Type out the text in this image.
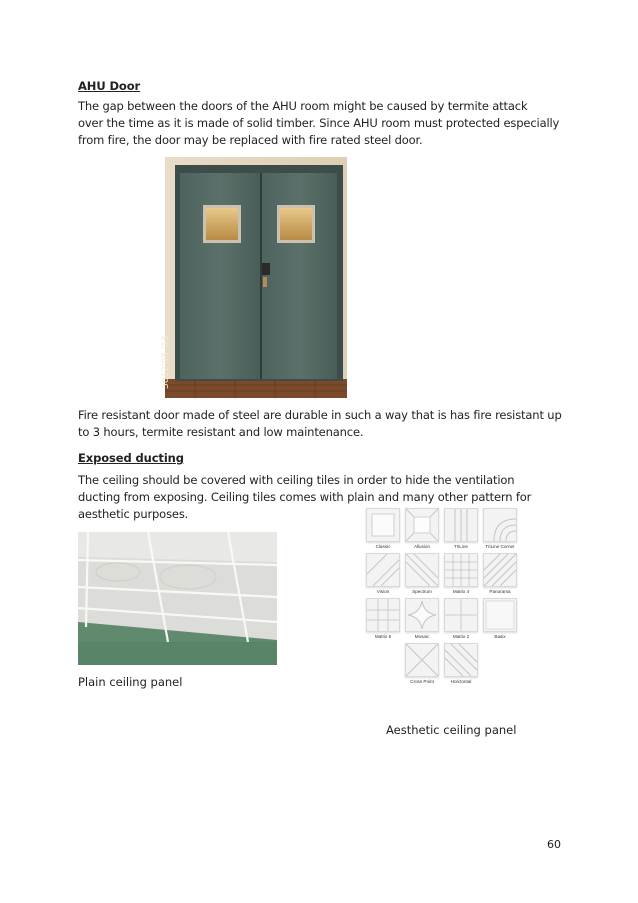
AHU Door
The gap between the doors of the AHU room might be caused by termite attack
over the time as it is made of solid timber. Since AHU room must protected especially
from fire, the door may be replaced with fire rated steel door.
3012'08 '13
Fire resistant door made of steel are durable in such a way that is has fire resistant up
to 3 hours, termite resistant and low maintenance.
Exposed ducting
The ceiling should be covered with ceiling tiles in order to hide the ventilation
ducting from exposing. Ceiling tiles comes with plain and many other pattern for
aesthetic purposes.
Plain ceiling panel
Classic	Allusion	TriLine	TriLine Corner
Vision	Spectrum	Matrix 4	Panorama
Matrix 6	Mosaic	Matrix 2	Basix
Cross Point	Horizontal
Aesthetic ceiling panel
60
